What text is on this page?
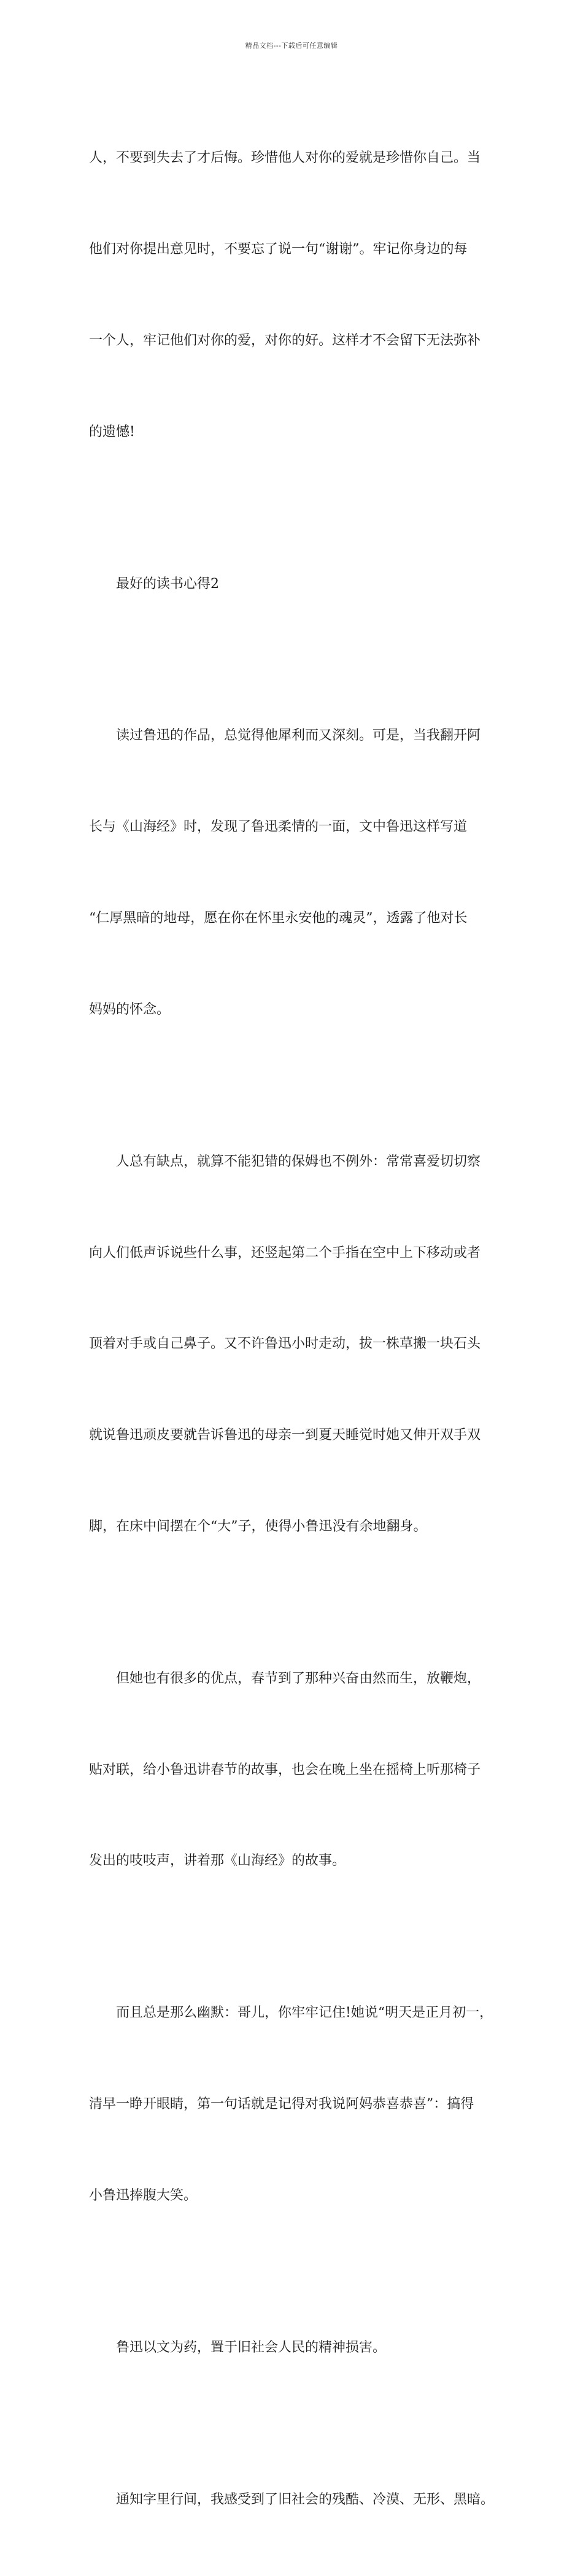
精品文档---下载后可任意编辑

人，不要到失去了才后悔。珍惜他人对你的爱就是珍惜你自己。当

他们对你提出意见时，不要忘了说一句“谢谢”。牢记你身边的每

一个人，牢记他们对你的爱，对你的好。这样才不会留下无法弥补

的遗憾!

最好的读书心得2

读过鲁迅的作品，总觉得他犀利而又深刻。可是，当我翻开阿

长与《山海经》时，发现了鲁迅柔情的一面，文中鲁迅这样写道

“仁厚黑暗的地母，愿在你在怀里永安他的魂灵”，透露了他对长

妈妈的怀念。

人总有缺点，就算不能犯错的保姆也不例外：常常喜爱切切察

向人们低声诉说些什么事，还竖起第二个手指在空中上下移动或者

顶着对手或自己鼻子。又不许鲁迅小时走动，拔一株草搬一块石头

就说鲁迅顽皮要就告诉鲁迅的母亲一到夏天睡觉时她又伸开双手双

脚，在床中间摆在个“大”子，使得小鲁迅没有余地翻身。

但她也有很多的优点，春节到了那种兴奋由然而生，放鞭炮，

贴对联，给小鲁迅讲春节的故事，也会在晚上坐在摇椅上听那椅子

发出的吱吱声，讲着那《山海经》的故事。

而且总是那么幽默：哥儿，你牢牢记住!她说“明天是正月初一，

清早一睁开眼睛，第一句话就是记得对我说阿妈恭喜恭喜”：搞得

小鲁迅捧腹大笑。

鲁迅以文为药，置于旧社会人民的精神损害。

通知字里行间，我感受到了旧社会的残酷、冷漠、无形、黑暗。
